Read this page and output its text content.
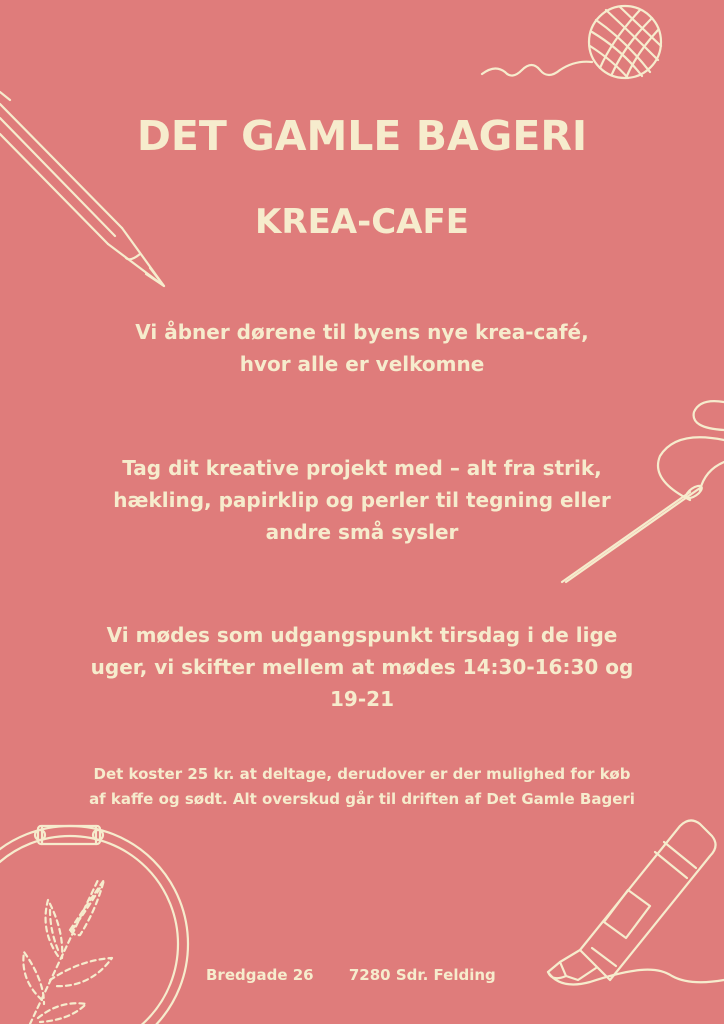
DET GAMLE BAGERI
KREA-CAFE

Vi åbner dørene til byens nye krea-café,
hvor alle er velkomne

Tag dit kreative projekt med – alt fra strik,
hækling, papirklip og perler til tegning eller
andre små sysler

Vi mødes som udgangspunkt tirsdag i de lige
uger, vi skifter mellem at mødes 14:30-16:30 og
19-21

Det koster 25 kr. at deltage, derudover er der mulighed for køb
af kaffe og sødt. Alt overskud går til driften af Det Gamle Bageri

Bredgade 26 7280 Sdr. Felding
